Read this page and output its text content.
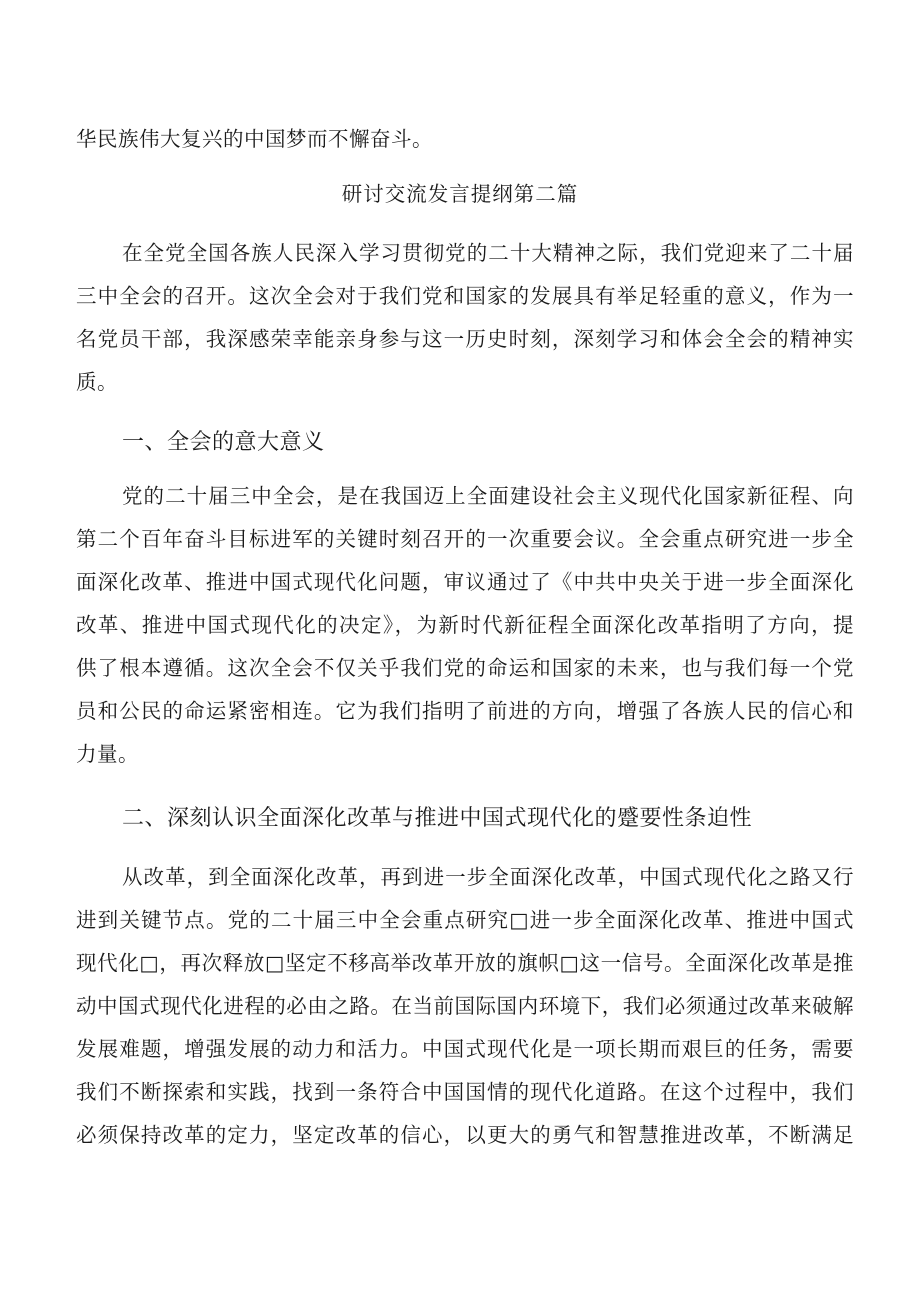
华民族伟大复兴的中国梦而不懈奋斗。
研讨交流发言提纲第二篇
在全党全国各族人民深入学习贯彻党的二十大精神之际，我们党迎来了二十届
三中全会的召开。这次全会对于我们党和国家的发展具有举足轻重的意义，作为一
名党员干部，我深感荣幸能亲身参与这一历史时刻，深刻学习和体会全会的精神实
质。
一、全会的意大意义
党的二十届三中全会，是在我国迈上全面建设社会主义现代化国家新征程、向
第二个百年奋斗目标进军的关键时刻召开的一次重要会议。全会重点研究进一步全
面深化改革、推进中国式现代化问题，审议通过了《中共中央关于进一步全面深化
改革、推进中国式现代化的决定》，为新时代新征程全面深化改革指明了方向，提
供了根本遵循。这次全会不仅关乎我们党的命运和国家的未来，也与我们每一个党
员和公民的命运紧密相连。它为我们指明了前进的方向，增强了各族人民的信心和
力量。
二、深刻认识全面深化改革与推进中国式现代化的蹙要性条迫性
从改革，到全面深化改革，再到进一步全面深化改革，中国式现代化之路又行
进到关键节点。党的二十届三中全会重点研究□进一步全面深化改革、推进中国式
现代化□，再次释放□坚定不移高举改革开放的旗帜□这一信号。全面深化改革是推
动中国式现代化进程的必由之路。在当前国际国内环境下，我们必须通过改革来破解
发展难题，增强发展的动力和活力。中国式现代化是一项长期而艰巨的任务，需要
我们不断探索和实践，找到一条符合中国国情的现代化道路。在这个过程中，我们
必须保持改革的定力，坚定改革的信心，以更大的勇气和智慧推进改革，不断满足
